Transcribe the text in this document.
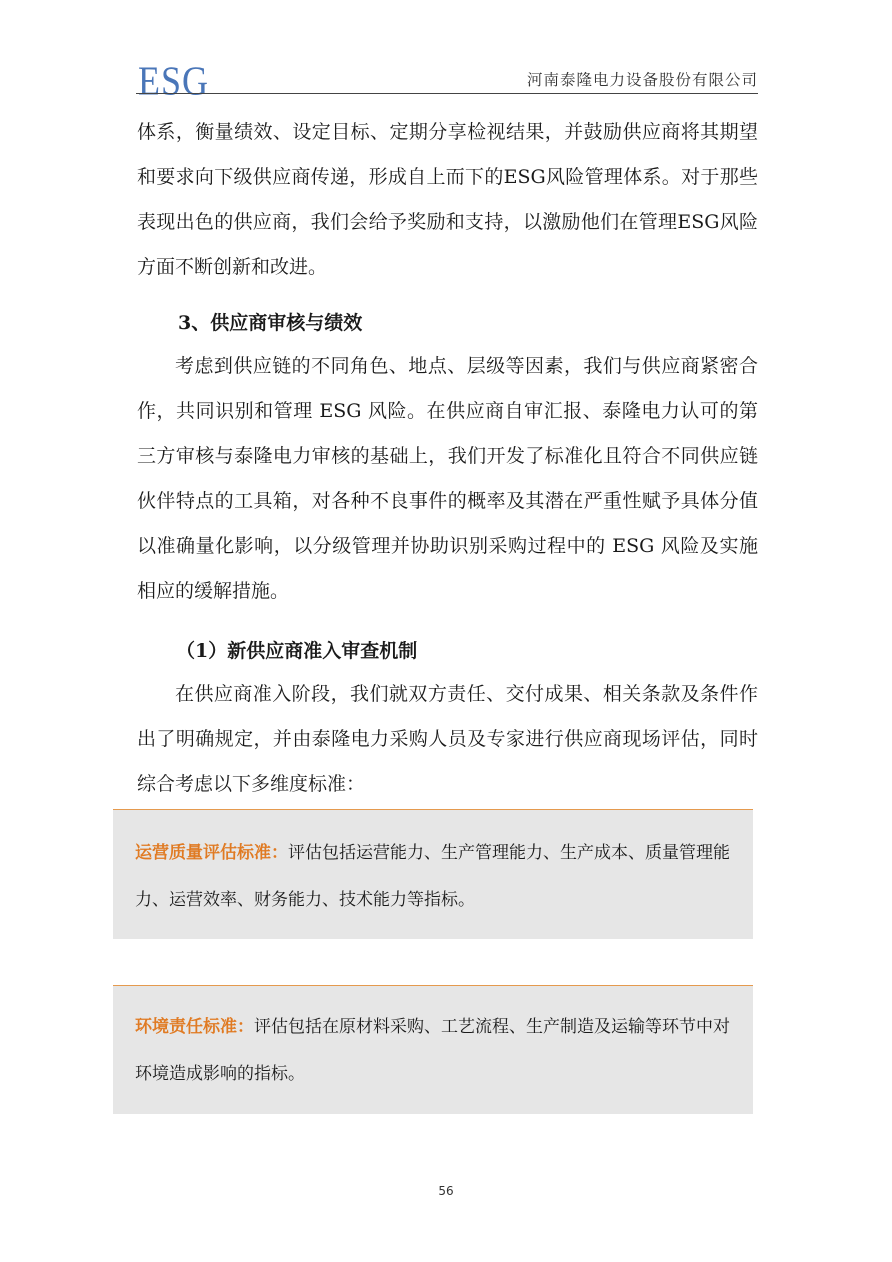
ESG	河南泰隆电力设备股份有限公司

体系，衡量绩效、设定目标、定期分享检视结果，并鼓励供应商将其期望和要求向下级供应商传递，形成自上而下的ESG风险管理体系。对于那些表现出色的供应商，我们会给予奖励和支持，以激励他们在管理ESG风险方面不断创新和改进。

3、供应商审核与绩效

考虑到供应链的不同角色、地点、层级等因素，我们与供应商紧密合作，共同识别和管理 ESG 风险。在供应商自审汇报、泰隆电力认可的第三方审核与泰隆电力审核的基础上，我们开发了标准化且符合不同供应链伙伴特点的工具箱，对各种不良事件的概率及其潜在严重性赋予具体分值以准确量化影响，以分级管理并协助识别采购过程中的 ESG 风险及实施相应的缓解措施。

（1）新供应商准入审查机制

在供应商准入阶段，我们就双方责任、交付成果、相关条款及条件作出了明确规定，并由泰隆电力采购人员及专家进行供应商现场评估，同时综合考虑以下多维度标准：

运营质量评估标准：评估包括运营能力、生产管理能力、生产成本、质量管理能力、运营效率、财务能力、技术能力等指标。
环境责任标准：评估包括在原材料采购、工艺流程、生产制造及运输等环节中对环境造成影响的指标。
56
